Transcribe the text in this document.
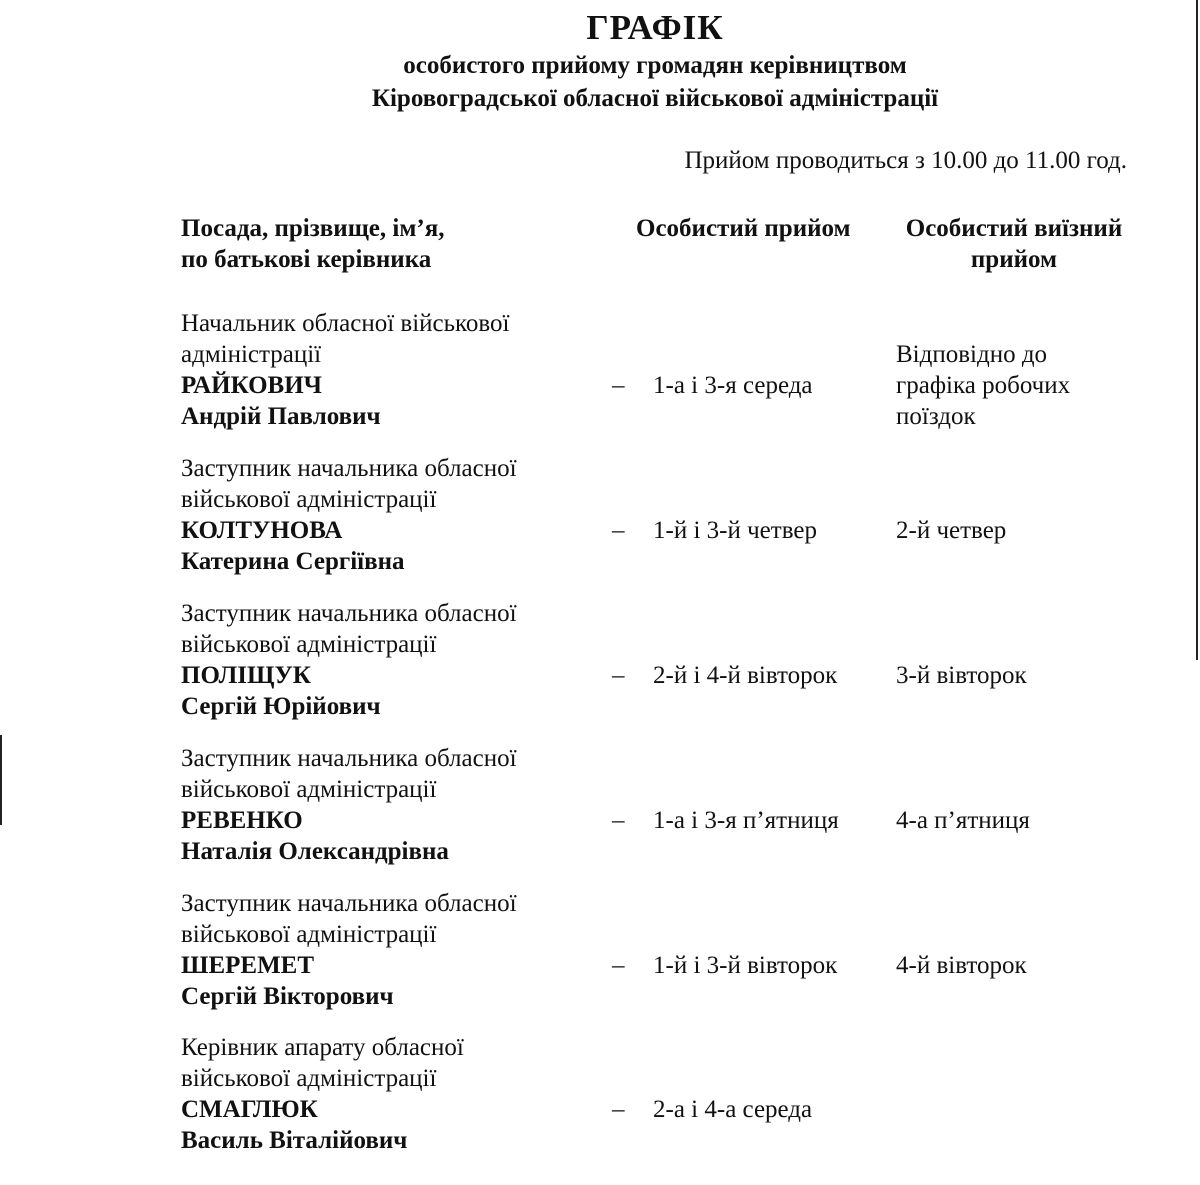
ГРАФІК
особистого прийому громадян керівництвом
Кіровоградської обласної військової адміністрації
Прийом проводиться з 10.00 до 11.00 год.
Посада, прізвище, ім’я,
по батькові керівника
Особистий прийом	Особистий виїзний
прийом
Начальник обласної військової
адміністрації
РАЙКОВИЧ
Андрій Павлович
– 1-а і 3-я середа
Відповідно до графіка робочих поїздок
Заступник начальника обласної
військової адміністрації
КОЛТУНОВА
Катерина Сергіївна
– 1-й і 3-й четвер	2-й четвер
Заступник начальника обласної
військової адміністрації
ПОЛІЩУК
Сергій Юрійович
– 2-й і 4-й вівторок 3-й вівторок
Заступник начальника обласної
військової адміністрації
РЕВЕНКО
Наталія Олександрівна
– 1-а і 3-я п’ятниця 4-а п’ятниця
Заступник начальника обласної
військової адміністрації
ШЕРЕМЕТ
Сергій Вікторович
– 1-й і 3-й вівторок 4-й вівторок
Керівник апарату обласної
військової адміністрації
СМАГЛЮК
Василь Віталійович
– 2-а і 4-а середа
